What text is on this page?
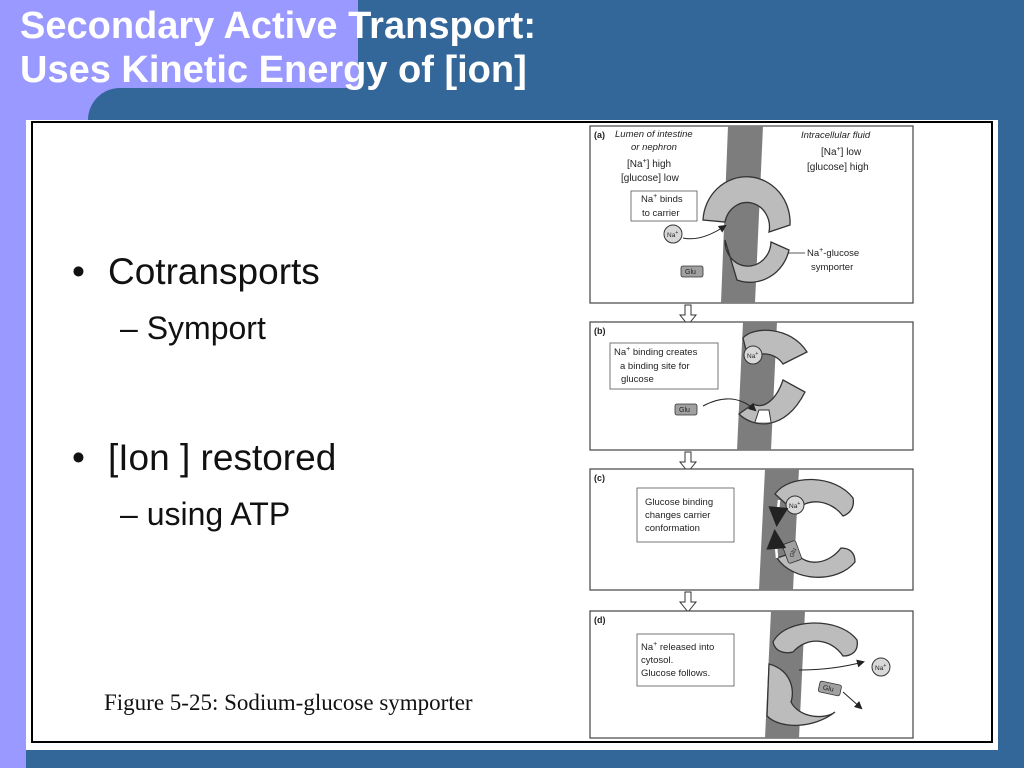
Secondary Active Transport:
Uses Kinetic Energy of [ion]
• Cotransports
– Symport
• [Ion ] restored
– using ATP
Figure 5-25: Sodium-glucose symporter
(a) Lumen of intestine
or nephron
[Na+] high
[glucose] low
Intracellular fluid
[Na+] low
[glucose] high
Na+ binds
to carrier
Na+
Glu
Na+-glucose
symporter
(b)
Na+ binding creates
a binding site for
glucose
Na+
Glu
(c)
Glucose binding
changes carrier
conformation
Na+
Glu
(d)
Na+ released into
cytosol.
Glucose follows.	Na+
Glu
